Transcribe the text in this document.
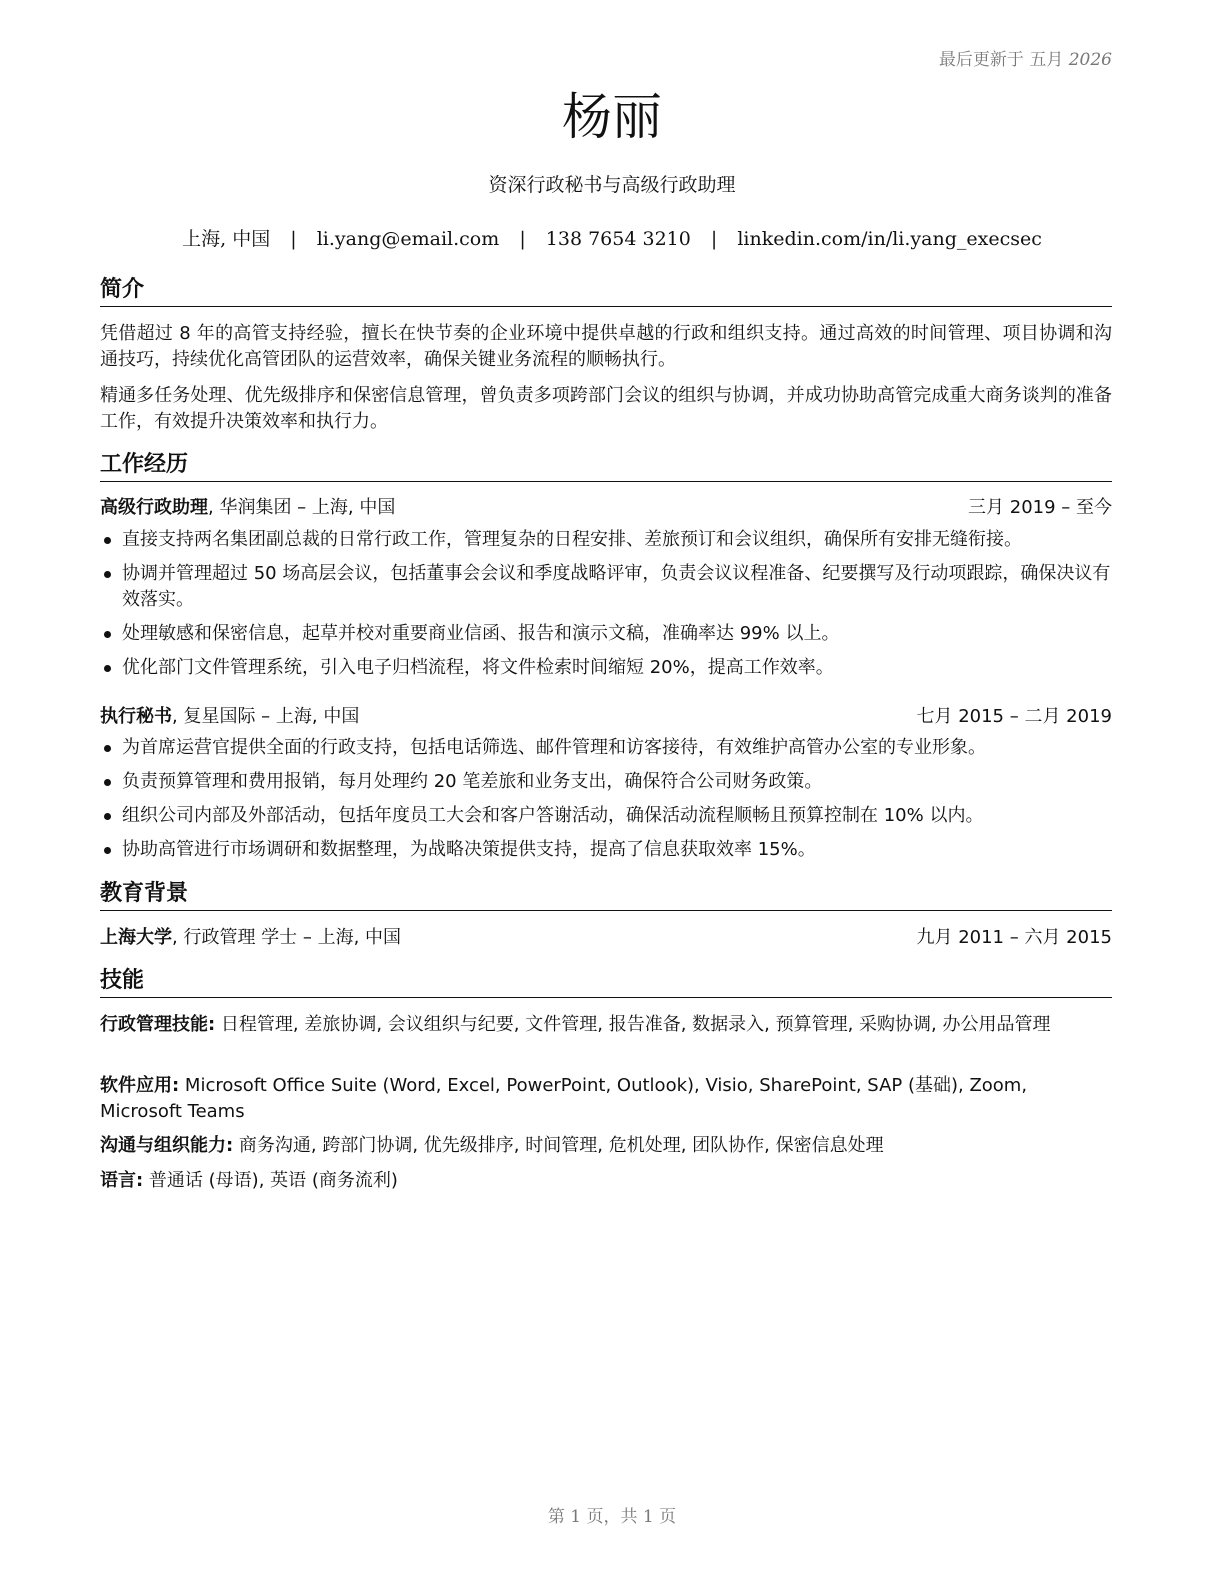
最后更新于 五月 2026
杨丽
资深行政秘书与高级行政助理
上海, 中国 | li.yang@email.com | 138 7654 3210 | linkedin.com/in/li.yang_execsec
简介
凭借超过 8 年的高管支持经验，擅长在快节奏的企业环境中提供卓越的行政和组织支持。通过高效的时间管理、项目协调和沟通技巧，持续优化高管团队的运营效率，确保关键业务流程的顺畅执行。
精通多任务处理、优先级排序和保密信息管理，曾负责多项跨部门会议的组织与协调，并成功协助高管完成重大商务谈判的准备工作，有效提升决策效率和执行力。
工作经历
高级行政助理, 华润集团 – 上海, 中国	三月 2019 – 至今
直接支持两名集团副总裁的日常行政工作，管理复杂的日程安排、差旅预订和会议组织，确保所有安排无缝衔接。
协调并管理超过 50 场高层会议，包括董事会会议和季度战略评审，负责会议议程准备、纪要撰写及行动项跟踪，确保决议有效落实。
处理敏感和保密信息，起草并校对重要商业信函、报告和演示文稿，准确率达 99% 以上。
优化部门文件管理系统，引入电子归档流程，将文件检索时间缩短 20%，提高工作效率。
执行秘书, 复星国际 – 上海, 中国	七月 2015 – 二月 2019
为首席运营官提供全面的行政支持，包括电话筛选、邮件管理和访客接待，有效维护高管办公室的专业形象。
负责预算管理和费用报销，每月处理约 20 笔差旅和业务支出，确保符合公司财务政策。
组织公司内部及外部活动，包括年度员工大会和客户答谢活动，确保活动流程顺畅且预算控制在 10% 以内。
协助高管进行市场调研和数据整理，为战略决策提供支持，提高了信息获取效率 15%。
教育背景
上海大学, 行政管理 学士 – 上海, 中国	九月 2011 – 六月 2015
技能
行政管理技能: 日程管理, 差旅协调, 会议组织与纪要, 文件管理, 报告准备, 数据录入, 预算管理, 采购协调, 办公用品管理
软件应用: Microsoft Office Suite (Word, Excel, PowerPoint, Outlook), Visio, SharePoint, SAP (基础), Zoom, Microsoft Teams
沟通与组织能力: 商务沟通, 跨部门协调, 优先级排序, 时间管理, 危机处理, 团队协作, 保密信息处理
语言: 普通话 (母语), 英语 (商务流利)
第 1 页，共 1 页
